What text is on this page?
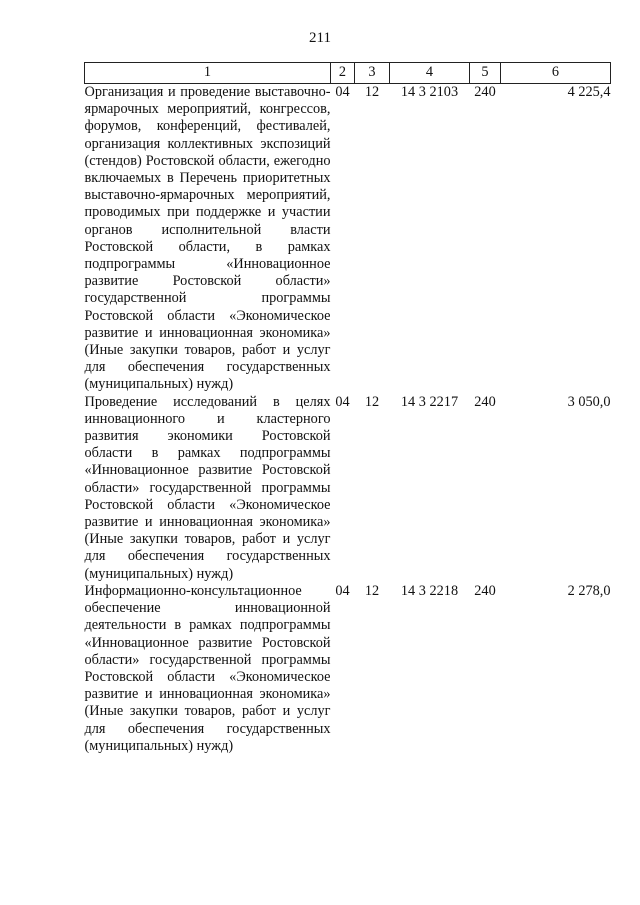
211
1	2	3	4	5	6
Организация и проведение выставочно-ярмарочных мероприятий, конгрессов, форумов, конференций, фестивалей, организация коллективных экспозиций (стендов) Ростовской области, ежегодно включаемых в Перечень приоритетных выставочно-ярмарочных мероприятий, проводимых при поддержке и участии органов исполнительной власти Ростовской области, в рамках подпрограммы «Инновационное развитие Ростовской области» государственной программы Ростовской области «Экономическое развитие и инновационная экономика» (Иные закупки товаров, работ и услуг для обеспечения государственных (муниципальных) нужд)	04	12	14 3 2103	240	4 225,4
Проведение исследований в целях инновационного и кластерного развития экономики Ростовской области в рамках подпрограммы «Инновационное развитие Ростовской области» государственной программы Ростовской области «Экономическое развитие и инновационная экономика» (Иные закупки товаров, работ и услуг для обеспечения государственных (муниципальных) нужд)	04	12	14 3 2217	240	3 050,0
Информационно-консультационное обеспечение инновационной деятельности в рамках подпрограммы «Инновационное развитие Ростовской области» государственной программы Ростовской области «Экономическое развитие и инновационная экономика» (Иные закупки товаров, работ и услуг для обеспечения государственных (муниципальных) нужд)	04	12	14 3 2218	240	2 278,0
